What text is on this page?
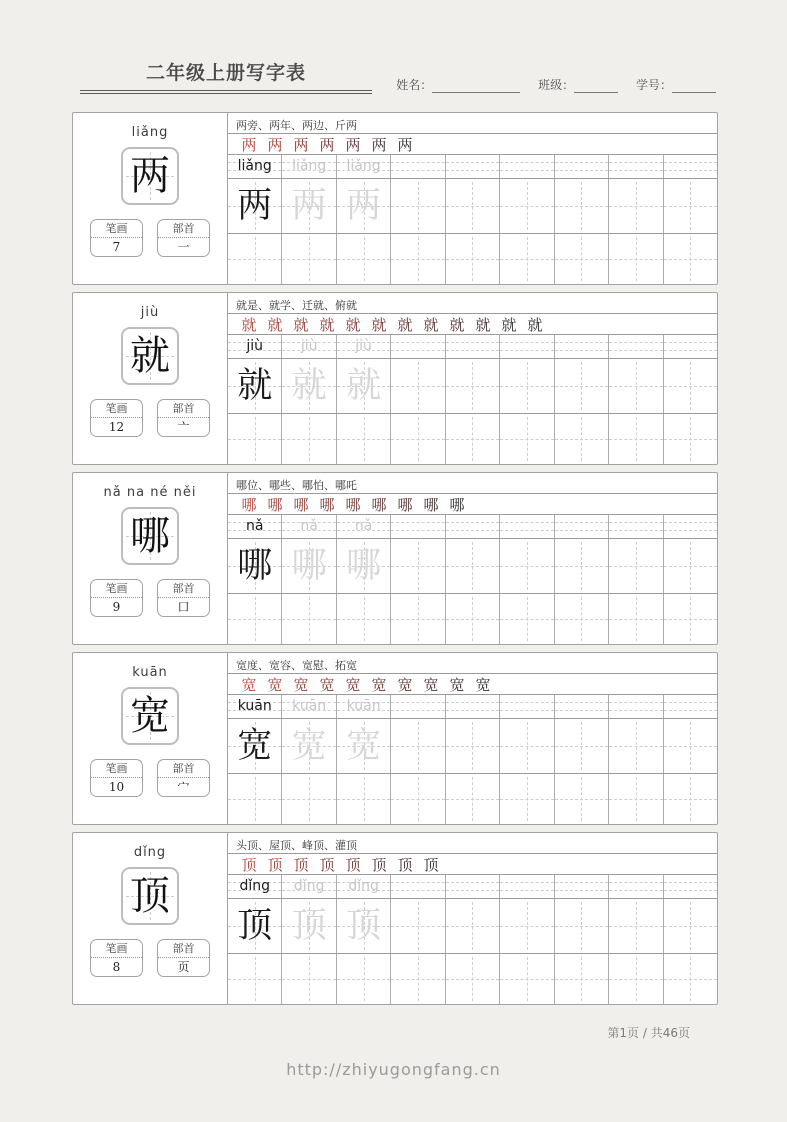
二年级上册写字表
姓名：	班级：	学号：
liǎng
两
笔画
7
部首
一
两旁、两年、两边、斤两
两 两 两 两 两 两 两
liǎng	liǎng	liǎng
两 两 两
jiù
就
笔画
12
部首
亠
就是、就学、迁就、俯就
就 就 就 就 就 就 就 就 就 就 就 就
jiù	jiù	jiù
就 就 就
nǎ na né něi
哪
笔画
9
部首
口
哪位、哪些、哪怕、哪吒
哪 哪 哪 哪 哪 哪 哪 哪 哪
nǎ	nǎ	nǎ
哪 哪 哪
kuān
宽
笔画
10
部首
宀
宽度、宽容、宽慰、拓宽
宽 宽 宽 宽 宽 宽 宽 宽 宽 宽
kuān	kuān	kuān
宽 宽 宽
dǐng
顶
笔画
8
部首
页
头顶、屋顶、峰顶、灌顶
顶 顶 顶 顶 顶 顶 顶 顶
dǐng	dǐng	dǐng
顶 顶 顶
第1页 / 共46页
http://zhiyugongfang.cn
